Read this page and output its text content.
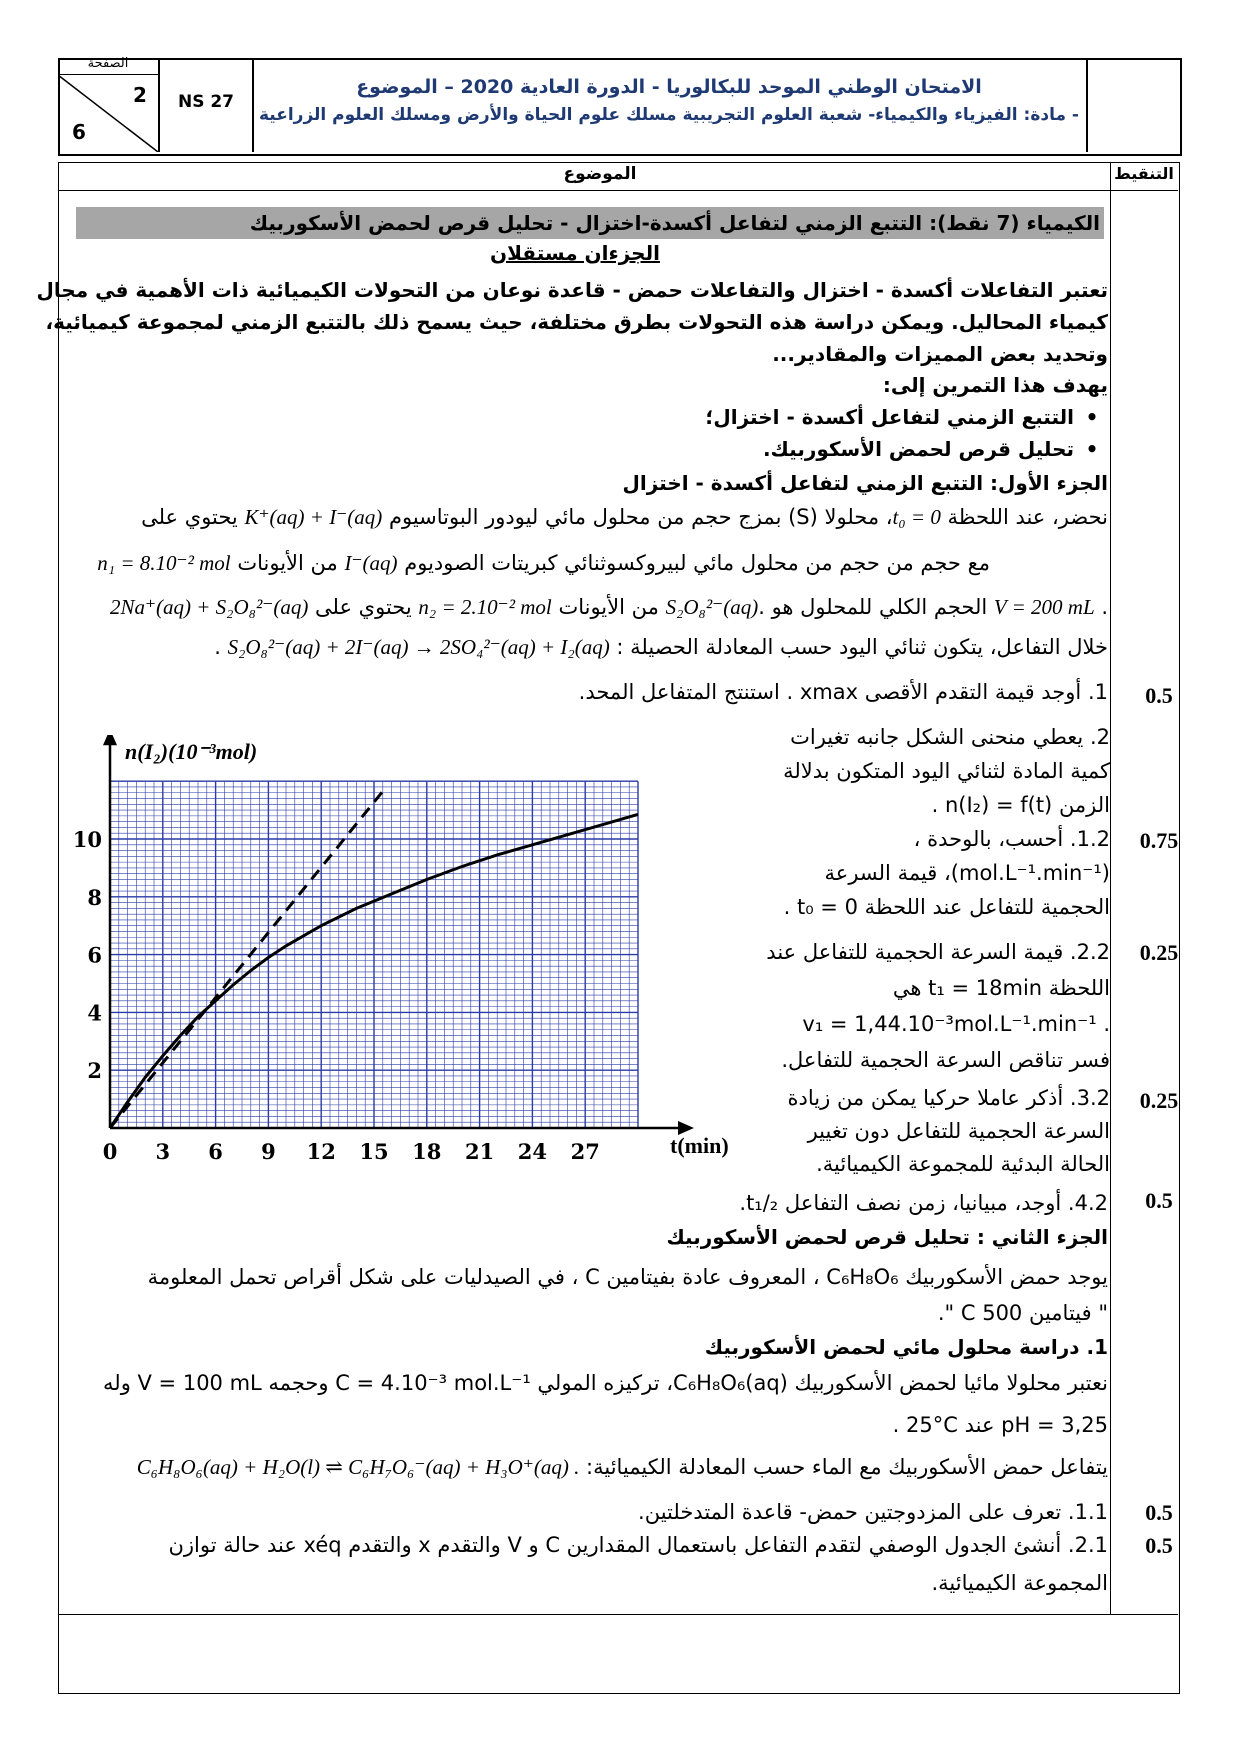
الصفحة
2
6
NS 27
الامتحان الوطني الموحد للبكالوريا - الدورة العادية 2020 – الموضوع
- مادة: الفيزياء والكيمياء- شعبة العلوم التجريبية مسلك علوم الحياة والأرض ومسلك العلوم الزراعية
الموضوع	التنقيط
الكيمياء (7 نقط): التتبع الزمني لتفاعل أكسدة-اختزال - تحليل قرص لحمض الأسكوربيك
الجزءان مستقلان
تعتبر التفاعلات أكسدة - اختزال والتفاعلات حمض - قاعدة نوعان من التحولات الكيميائية ذات الأهمية في مجال
كيمياء المحاليل. ويمكن دراسة هذه التحولات بطرق مختلفة، حيث يسمح ذلك بالتتبع الزمني لمجموعة كيميائية،
وتحديد بعض المميزات والمقادير...
يهدف هذا التمرين إلى:
•التتبع الزمني لتفاعل أكسدة - اختزال؛
•تحليل قرص لحمض الأسكوربيك.
الجزء الأول: التتبع الزمني لتفاعل أكسدة - اختزال
نحضر، عند اللحظة t₀ = 0، محلولا (S) بمزج حجم من محلول مائي ليودور البوتاسيوم K⁺(aq) + I⁻(aq) يحتوي على
n₁ = 8.10⁻² mol من الأيونات I⁻(aq) مع حجم من حجم من محلول مائي لبيروكسوثنائي كبريتات الصوديوم
2Na⁺(aq) + S₂O₈²⁻(aq) يحتوي على n₂ = 2.10⁻² mol من الأيونات S₂O₈²⁻(aq). الحجم الكلي للمحلول هو V = 200 mL .
خلال التفاعل، يتكون ثنائي اليود حسب المعادلة الحصيلة : S₂O₈²⁻(aq) + 2I⁻(aq) → 2SO₄²⁻(aq) + I₂(aq) .
1. أوجد قيمة التقدم الأقصى xmax . استنتج المتفاعل المحد.
2. يعطي منحنى الشكل جانبه تغيرات
كمية المادة لثنائي اليود المتكون بدلالة
الزمن n(I₂) = f(t) .
1.2. أحسب، بالوحدة ،
(mol.L⁻¹.min⁻¹)، قيمة السرعة
الحجمية للتفاعل عند اللحظة t₀ = 0 .
2.2. قيمة السرعة الحجمية للتفاعل عند
اللحظة t₁ = 18min هي
. v₁ = 1,44.10⁻³mol.L⁻¹.min⁻¹
فسر تناقص السرعة الحجمية للتفاعل.
3.2. أذكر عاملا حركيا يمكن من زيادة
السرعة الحجمية للتفاعل دون تغيير
الحالة البدئية للمجموعة الكيميائية.
4.2. أوجد، مبيانيا، زمن نصف التفاعل t₁/₂.
0 3 6 9 12 15 18 21 24 27
2
4
6
8
10
n(I₂)(10⁻³mol)
t(min)
الجزء الثاني : تحليل قرص لحمض الأسكوربيك
يوجد حمض الأسكوربيك C₆H₈O₆ ، المعروف عادة بفيتامين C ، في الصيدليات على شكل أقراص تحمل المعلومة
" فيتامين C 500 ".
1. دراسة محلول مائي لحمض الأسكوربيك
نعتبر محلولا مائيا لحمض الأسكوربيك C₆H₈O₆(aq)، تركيزه المولي C = 4.10⁻³ mol.L⁻¹ وحجمه V = 100 mL وله
. 25°C عند pH = 3,25
يتفاعل حمض الأسكوربيك مع الماء حسب المعادلة الكيميائية: C₆H₈O₆(aq) + H₂O(l) ⇌ C₆H₇O₆⁻(aq) + H₃O⁺(aq) .
1.1. تعرف على المزدوجتين حمض- قاعدة المتدخلتين.
2.1. أنشئ الجدول الوصفي لتقدم التفاعل باستعمال المقدارين C و V والتقدم x والتقدم xéq عند حالة توازن
المجموعة الكيميائية.
0.5
0.75
0.25
0.25
0.5
0.5
0.5
